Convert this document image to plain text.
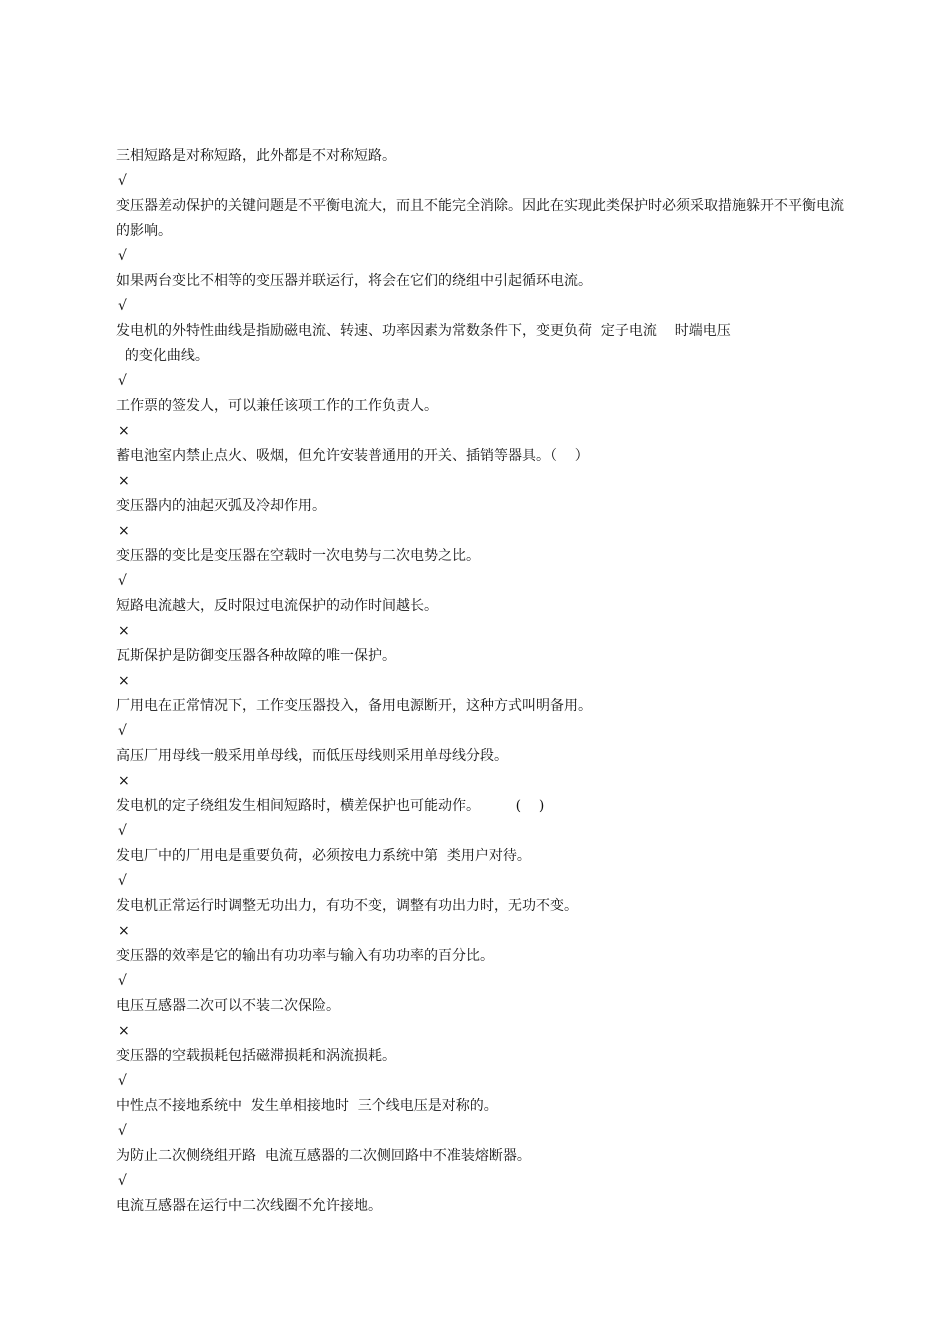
三相短路是对称短路，此外都是不对称短路。
√
变压器差动保护的关键问题是不平衡电流大，而且不能完全消除。因此在实现此类保护时必须采取措施躲开不平衡电流的影响。
√
如果两台变比不相等的变压器并联运行，将会在它们的绕组中引起循环电流。
√
发电机的外特性曲线是指励磁电流、转速、功率因素为常数条件下，变更负荷  定子电流    时端电压
的变化曲线。
√
工作票的签发人，可以兼任该项工作的工作负责人。
×
蓄电池室内禁止点火、吸烟，但允许安装普通用的开关、插销等器具。（    ）
×
变压器内的油起灭弧及冷却作用。
×
变压器的变比是变压器在空载时一次电势与二次电势之比。
√
短路电流越大，反时限过电流保护的动作时间越长。
×
瓦斯保护是防御变压器各种故障的唯一保护。
×
厂用电在正常情况下，工作变压器投入，备用电源断开，这种方式叫明备用。
√
高压厂用母线一般采用单母线，而低压母线则采用单母线分段。
×
发电机的定子绕组发生相间短路时，横差保护也可能动作。        (    )
√
发电厂中的厂用电是重要负荷，必须按电力系统中第  类用户对待。
√
发电机正常运行时调整无功出力，有功不变，调整有功出力时，无功不变。
×
变压器的效率是它的输出有功功率与输入有功功率的百分比。
√
电压互感器二次可以不装二次保险。
×
变压器的空载损耗包括磁滞损耗和涡流损耗。
√
中性点不接地系统中  发生单相接地时  三个线电压是对称的。
√
为防止二次侧绕组开路  电流互感器的二次侧回路中不准装熔断器。
√
电流互感器在运行中二次线圈不允许接地。
